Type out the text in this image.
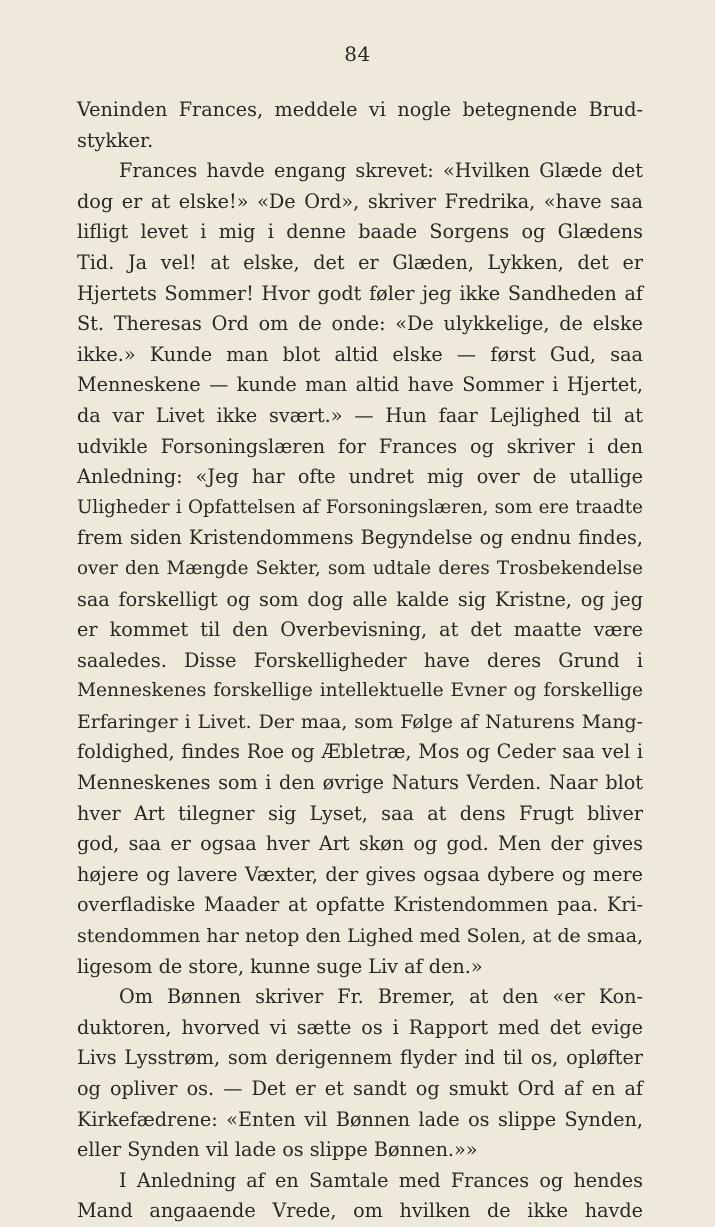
84
Veninden Frances, meddele vi nogle betegnende Brud-
stykker.
Frances havde engang skrevet: «Hvilken Glæde det
dog er at elske!» «De Ord», skriver Fredrika, «have saa
lifligt levet i mig i denne baade Sorgens og Glædens
Tid. Ja vel! at elske, det er Glæden, Lykken, det er
Hjertets Sommer! Hvor godt føler jeg ikke Sandheden af
St. Theresas Ord om de onde: «De ulykkelige, de elske
ikke.» Kunde man blot altid elske — først Gud, saa
Menneskene — kunde man altid have Sommer i Hjertet,
da var Livet ikke svært.» — Hun faar Lejlighed til at
udvikle Forsoningslæren for Frances og skriver i den
Anledning: «Jeg har ofte undret mig over de utallige
Uligheder i Opfattelsen af Forsoningslæren, som ere traadte
frem siden Kristendommens Begyndelse og endnu findes,
over den Mængde Sekter, som udtale deres Trosbekendelse
saa forskelligt og som dog alle kalde sig Kristne, og jeg
er kommet til den Overbevisning, at det maatte være
saaledes. Disse Forskelligheder have deres Grund i
Menneskenes forskellige intellektuelle Evner og forskellige
Erfaringer i Livet. Der maa, som Følge af Naturens Mang-
foldighed, findes Roe og Æbletræ, Mos og Ceder saa vel i
Menneskenes som i den øvrige Naturs Verden. Naar blot
hver Art tilegner sig Lyset, saa at dens Frugt bliver
god, saa er ogsaa hver Art skøn og god. Men der gives
højere og lavere Væxter, der gives ogsaa dybere og mere
overfladiske Maader at opfatte Kristendommen paa. Kri-
stendommen har netop den Lighed med Solen, at de smaa,
ligesom de store, kunne suge Liv af den.»
Om Bønnen skriver Fr. Bremer, at den «er Kon-
duktoren, hvorved vi sætte os i Rapport med det evige
Livs Lysstrøm, som derigennem flyder ind til os, opløfter
og opliver os. — Det er et sandt og smukt Ord af en af
Kirkefædrene: «Enten vil Bønnen lade os slippe Synden,
eller Synden vil lade os slippe Bønnen.»»
I Anledning af en Samtale med Frances og hendes
Mand angaaende Vrede, om hvilken de ikke havde
